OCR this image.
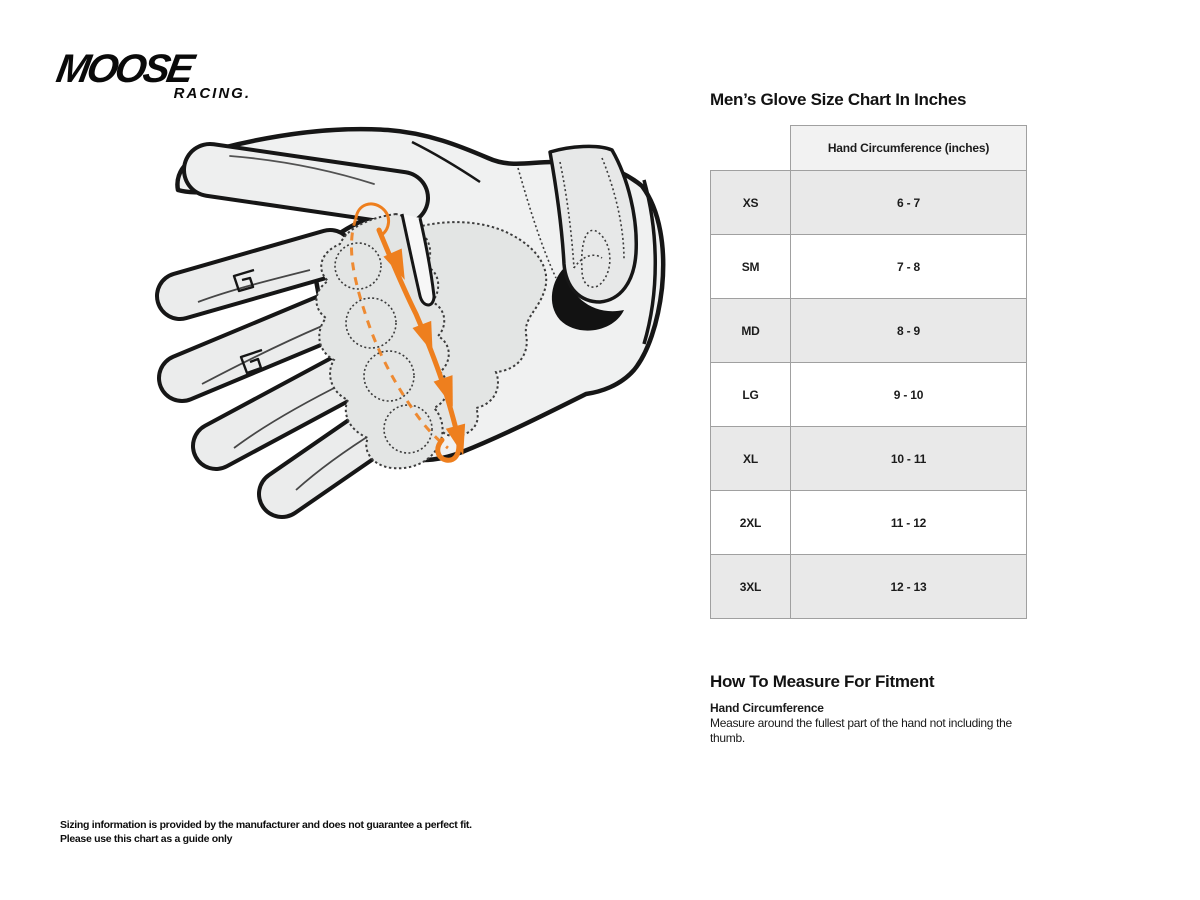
MOOSE
RACING.	Men’s Glove Size Chart In Inches
	Hand Circumference (inches)
XS	6 - 7
SM	7 - 8
MD	8 - 9
LG	9 - 10
XL	10 - 11
2XL	11 - 12
3XL	12 - 13
How To Measure For Fitment
Hand Circumference
Measure around the fullest part of the hand not including the thumb.
Sizing information is provided by the manufacturer and does not guarantee a perfect fit.
Please use this chart as a guide only
